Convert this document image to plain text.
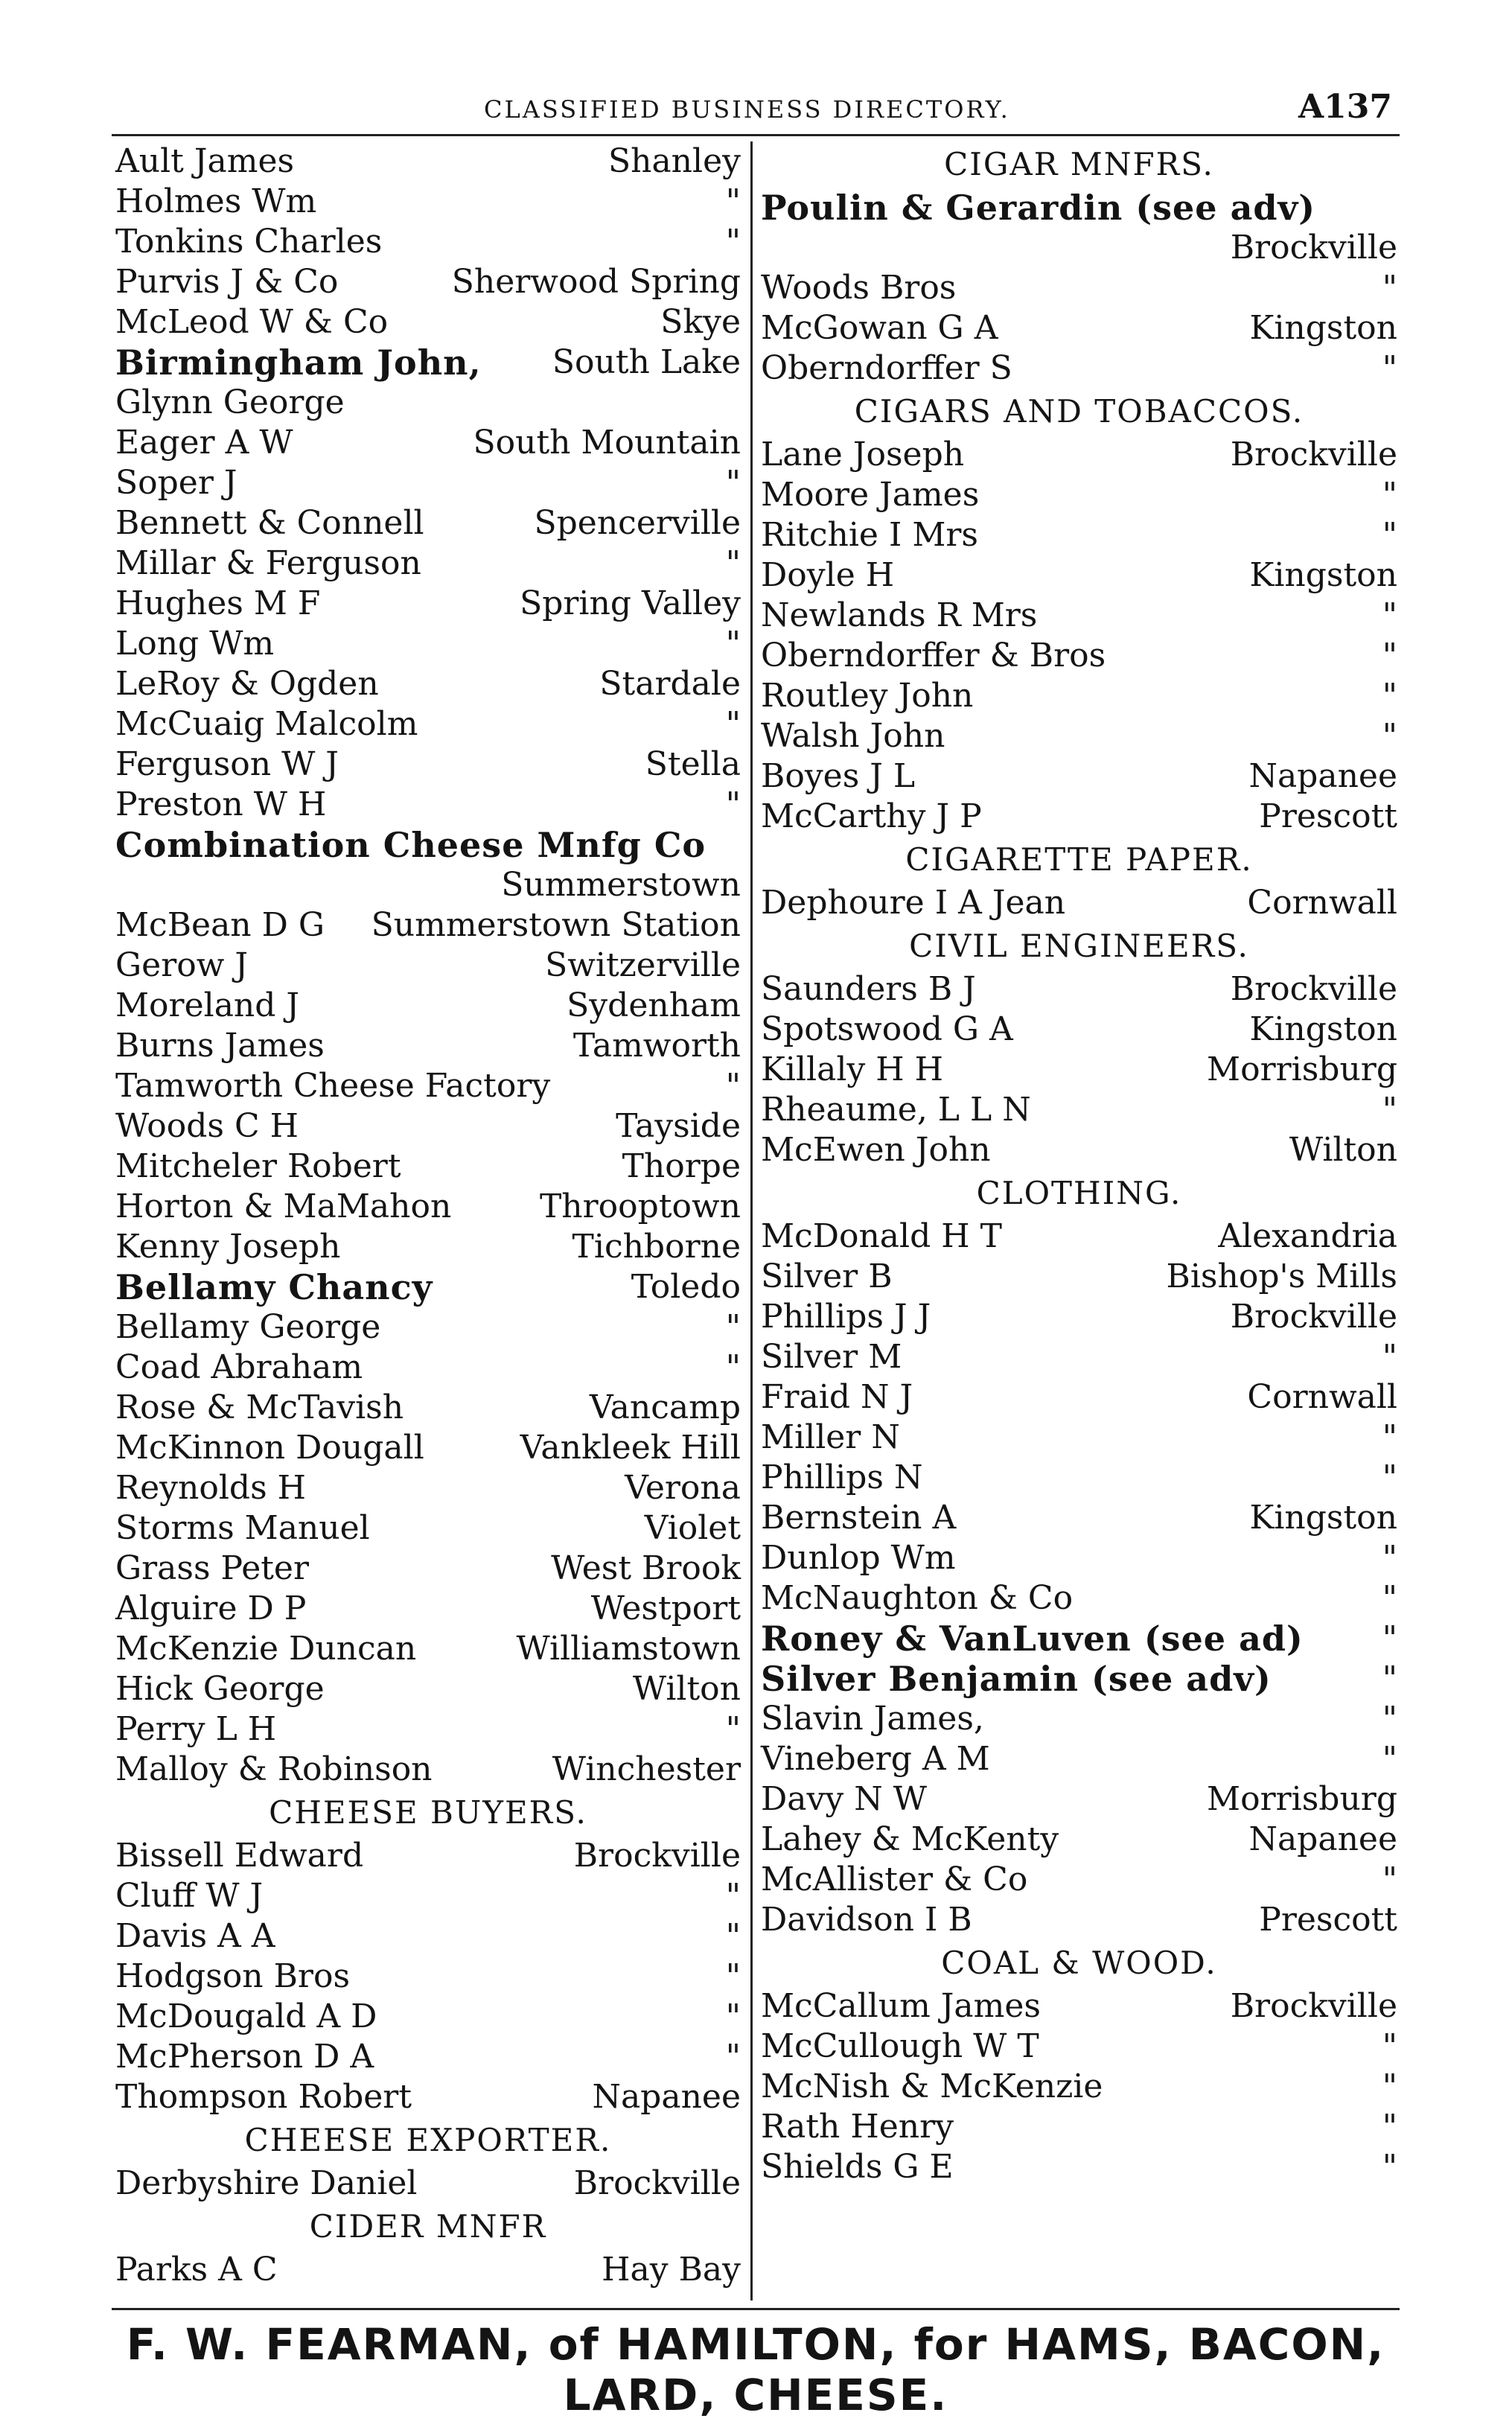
CLASSIFIED BUSINESS DIRECTORY.	A137
Ault James	Shanley
Holmes Wm	"
Tonkins Charles	"
Purvis J & Co	Sherwood Spring
McLeod W & Co	Skye
Birmingham John, South Lake
Glynn George
Eager A W	South Mountain
Soper J	"
Bennett & Connell	Spencerville
Millar & Ferguson	"
Hughes M F	Spring Valley
Long Wm	"
LeRoy & Ogden	Stardale
McCuaig Malcolm	"
Ferguson W J	Stella
Preston W H	"
Combination Cheese Mnfg Co
Summerstown
McBean D G Summerstown Station
Gerow J	Switzerville
Moreland J	Sydenham
Burns James	Tamworth
Tamworth Cheese Factory	"
Woods C H	Tayside
Mitcheler Robert	Thorpe
Horton & MaMahon	Throoptown
Kenny Joseph	Tichborne
Bellamy Chancy	Toledo
Bellamy George	"
Coad Abraham	"
Rose & McTavish	Vancamp
McKinnon Dougall	Vankleek Hill
Reynolds H	Verona
Storms Manuel	Violet
Grass Peter	West Brook
Alguire D P	Westport
McKenzie Duncan	Williamstown
Hick George	Wilton
Perry L H	"
Malloy & Robinson	Winchester
CHEESE BUYERS.
Bissell Edward	Brockville
Cluff W J	"
Davis A A	"
Hodgson Bros	"
McDougald A D	"
McPherson D A	"
Thompson Robert	Napanee
CHEESE EXPORTER.
Derbyshire Daniel	Brockville
CIDER MNFR
Parks A C	Hay Bay
CIGAR MNFRS.
Poulin & Gerardin (see adv)
Brockville
Woods Bros	"
McGowan G A	Kingston
Oberndorffer S	"
CIGARS AND TOBACCOS.
Lane Joseph	Brockville
Moore James	"
Ritchie I Mrs	"
Doyle H	Kingston
Newlands R Mrs	"
Oberndorffer & Bros	"
Routley John	"
Walsh John	"
Boyes J L	Napanee
McCarthy J P	Prescott
CIGARETTE PAPER.
Dephoure I A Jean	Cornwall
CIVIL ENGINEERS.
Saunders B J	Brockville
Spotswood G A	Kingston
Killaly H H	Morrisburg
Rheaume, L L N	"
McEwen John	Wilton
CLOTHING.
McDonald H T	Alexandria
Silver B	Bishop's Mills
Phillips J J	Brockville
Silver M	"
Fraid N J	Cornwall
Miller N	"
Phillips N	"
Bernstein A	Kingston
Dunlop Wm	"
McNaughton & Co	"
Roney & VanLuven (see ad) "
Silver Benjamin (see adv)	"
Slavin James,	"
Vineberg A M	"
Davy N W	Morrisburg
Lahey & McKenty	Napanee
McAllister & Co	"
Davidson I B	Prescott
COAL & WOOD.
McCallum James	Brockville
McCullough W T	"
McNish & McKenzie	"
Rath Henry	"
Shields G E	"
F. W. FEARMAN, of HAMILTON, for HAMS, BACON, LARD, CHEESE.
